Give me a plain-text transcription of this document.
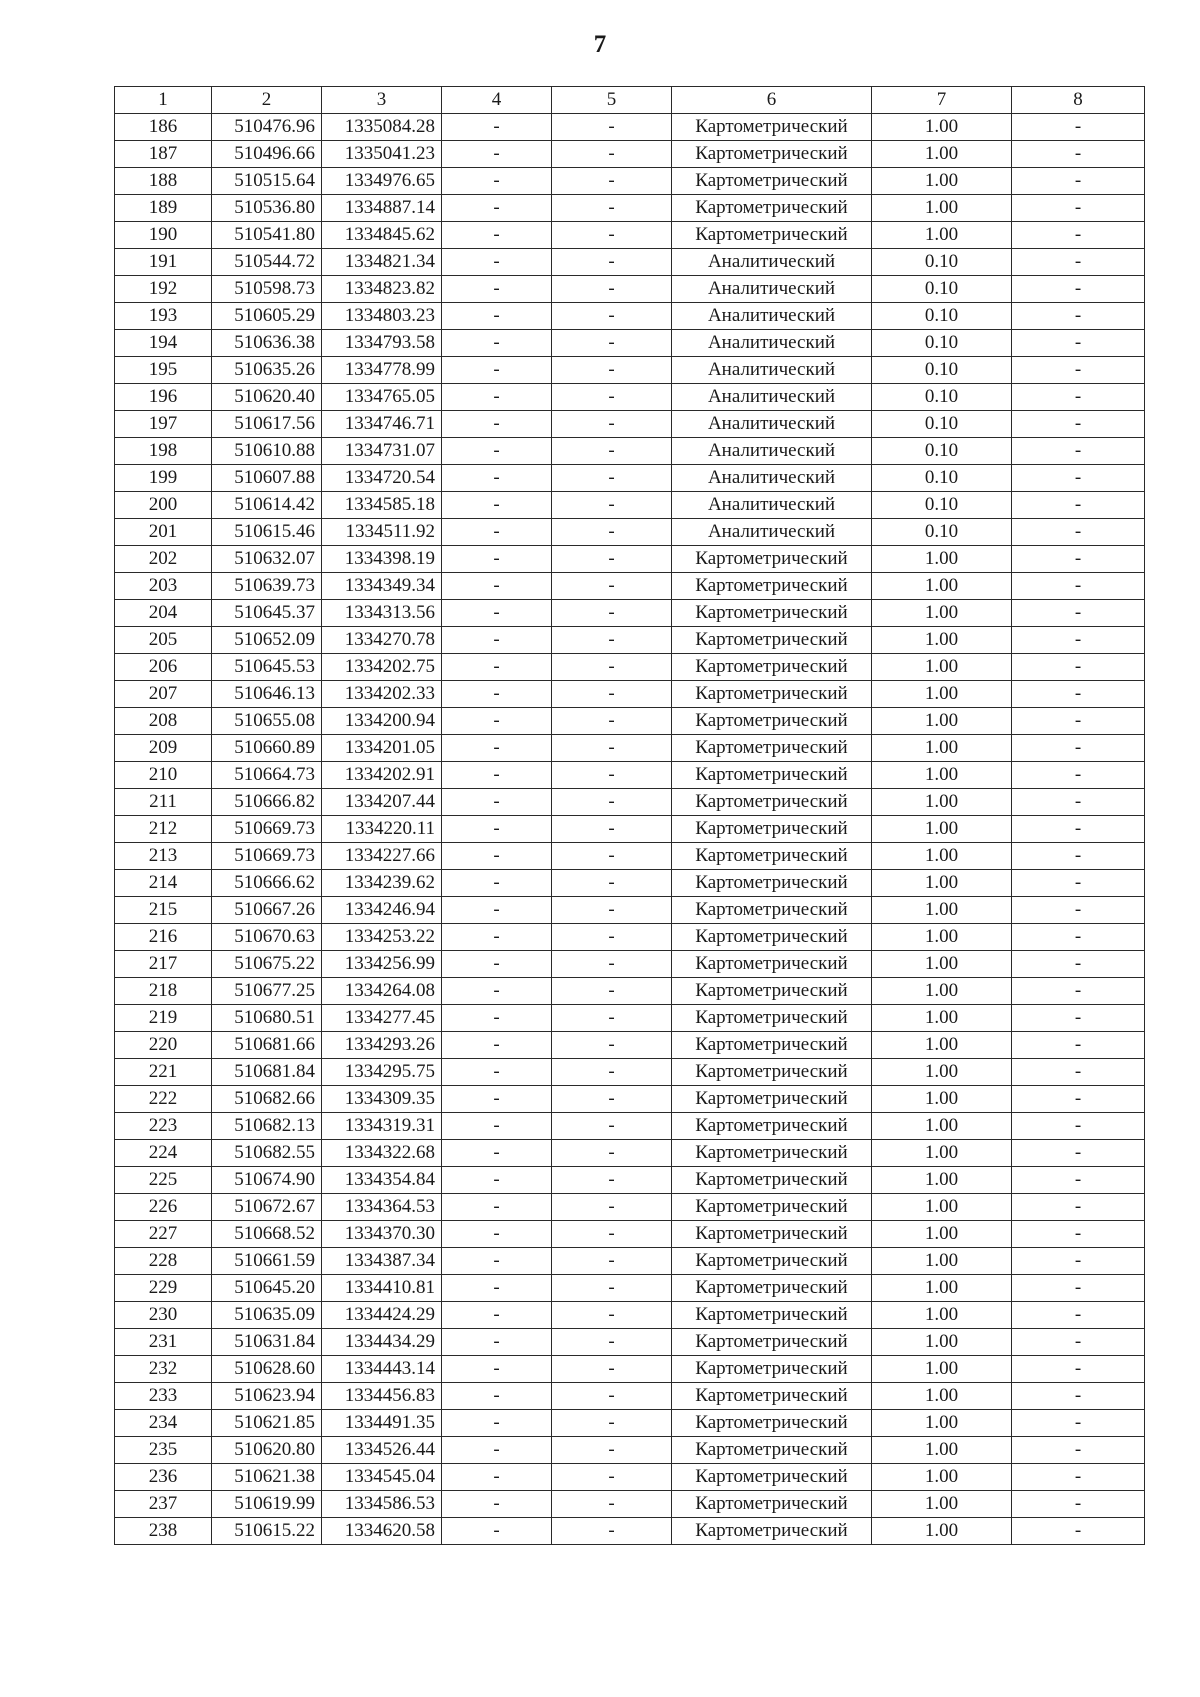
7
1	2	3	4	5	6	7	8
186	510476.96	1335084.28	-	-	Картометрический	1.00	-
187	510496.66	1335041.23	-	-	Картометрический	1.00	-
188	510515.64	1334976.65	-	-	Картометрический	1.00	-
189	510536.80	1334887.14	-	-	Картометрический	1.00	-
190	510541.80	1334845.62	-	-	Картометрический	1.00	-
191	510544.72	1334821.34	-	-	Аналитический	0.10	-
192	510598.73	1334823.82	-	-	Аналитический	0.10	-
193	510605.29	1334803.23	-	-	Аналитический	0.10	-
194	510636.38	1334793.58	-	-	Аналитический	0.10	-
195	510635.26	1334778.99	-	-	Аналитический	0.10	-
196	510620.40	1334765.05	-	-	Аналитический	0.10	-
197	510617.56	1334746.71	-	-	Аналитический	0.10	-
198	510610.88	1334731.07	-	-	Аналитический	0.10	-
199	510607.88	1334720.54	-	-	Аналитический	0.10	-
200	510614.42	1334585.18	-	-	Аналитический	0.10	-
201	510615.46	1334511.92	-	-	Аналитический	0.10	-
202	510632.07	1334398.19	-	-	Картометрический	1.00	-
203	510639.73	1334349.34	-	-	Картометрический	1.00	-
204	510645.37	1334313.56	-	-	Картометрический	1.00	-
205	510652.09	1334270.78	-	-	Картометрический	1.00	-
206	510645.53	1334202.75	-	-	Картометрический	1.00	-
207	510646.13	1334202.33	-	-	Картометрический	1.00	-
208	510655.08	1334200.94	-	-	Картометрический	1.00	-
209	510660.89	1334201.05	-	-	Картометрический	1.00	-
210	510664.73	1334202.91	-	-	Картометрический	1.00	-
211	510666.82	1334207.44	-	-	Картометрический	1.00	-
212	510669.73	1334220.11	-	-	Картометрический	1.00	-
213	510669.73	1334227.66	-	-	Картометрический	1.00	-
214	510666.62	1334239.62	-	-	Картометрический	1.00	-
215	510667.26	1334246.94	-	-	Картометрический	1.00	-
216	510670.63	1334253.22	-	-	Картометрический	1.00	-
217	510675.22	1334256.99	-	-	Картометрический	1.00	-
218	510677.25	1334264.08	-	-	Картометрический	1.00	-
219	510680.51	1334277.45	-	-	Картометрический	1.00	-
220	510681.66	1334293.26	-	-	Картометрический	1.00	-
221	510681.84	1334295.75	-	-	Картометрический	1.00	-
222	510682.66	1334309.35	-	-	Картометрический	1.00	-
223	510682.13	1334319.31	-	-	Картометрический	1.00	-
224	510682.55	1334322.68	-	-	Картометрический	1.00	-
225	510674.90	1334354.84	-	-	Картометрический	1.00	-
226	510672.67	1334364.53	-	-	Картометрический	1.00	-
227	510668.52	1334370.30	-	-	Картометрический	1.00	-
228	510661.59	1334387.34	-	-	Картометрический	1.00	-
229	510645.20	1334410.81	-	-	Картометрический	1.00	-
230	510635.09	1334424.29	-	-	Картометрический	1.00	-
231	510631.84	1334434.29	-	-	Картометрический	1.00	-
232	510628.60	1334443.14	-	-	Картометрический	1.00	-
233	510623.94	1334456.83	-	-	Картометрический	1.00	-
234	510621.85	1334491.35	-	-	Картометрический	1.00	-
235	510620.80	1334526.44	-	-	Картометрический	1.00	-
236	510621.38	1334545.04	-	-	Картометрический	1.00	-
237	510619.99	1334586.53	-	-	Картометрический	1.00	-
238	510615.22	1334620.58	-	-	Картометрический	1.00	-
